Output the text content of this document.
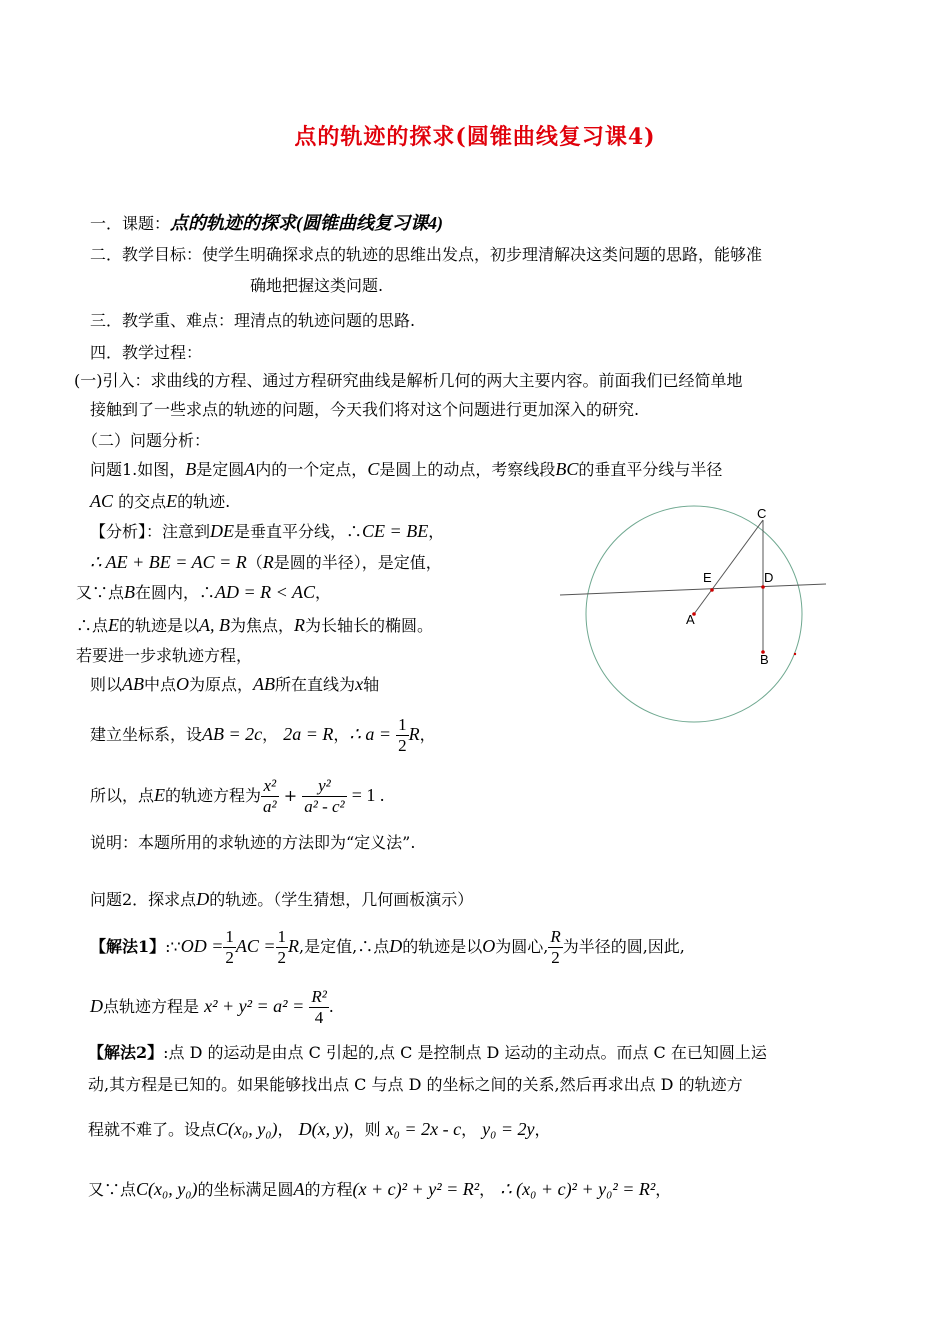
点的轨迹的探求(圆锥曲线复习课4)
一．课题：点的轨迹的探求(圆锥曲线复习课4)
二．教学目标：使学生明确探求点的轨迹的思维出发点，初步理清解决这类问题的思路，能够准
确地把握这类问题.
三．教学重、难点：理清点的轨迹问题的思路.
四．教学过程：
(一)引入：求曲线的方程、通过方程研究曲线是解析几何的两大主要内容。前面我们已经简单地
接触到了一些求点的轨迹的问题，今天我们将对这个问题进行更加深入的研究.
（二）问题分析：
问题1.如图，B是定圆A内的一个定点，C是圆上的动点，考察线段BC的垂直平分线与半径
AC 的交点E的轨迹.
【分析】：注意到DE是垂直平分线，∴CE = BE，
∴ AE + BE = AC = R（R是圆的半径），是定值，
又∵点B在圆内，∴AD = R < AC，
∴点E的轨迹是以A, B为焦点，R为长轴长的椭圆。
若要进一步求轨迹方程，
则以AB中点O为原点，AB所在直线为x轴
建立坐标系，设AB = 2c， 2a = R，∴ $a = \frac{1}{2}$ R，
所以，点E的轨迹方程为 $\frac{\text{x²}}{\text{a²}} + \frac{\text{y²}}{\text{a² - c²}} = 1$ .
说明：本题所用的求轨迹的方法即为“定义法”.
问题2．探求点D的轨迹。（学生猜想，几何画板演示）
【解法1】:∵OD = $\frac{1}{2}$ AC = $\frac{1}{2} R$,是定值,∴点D的轨迹是以O为圆心, $\frac{R}{2}$ 为半径的圆,因此,
D点轨迹方程是 $x^2 + y^2 = a^2 = \frac{\text{R²}}{4}$ .
【解法2】:点 D 的运动是由点 C 引起的,点 C 是控制点 D 运动的主动点。而点 C 在已知圆上运
动,其方程是已知的。如果能够找出点 C 与点 D 的坐标之间的关系,然后再求出点 D 的轨迹方
程就不难了。设点C(x₀, y₀)， D(x, y)，则 x₀ = 2x - c， y₀ = 2y，
又∵点C(x₀, y₀)的坐标满足圆A的方程(x + c)² + y² = R²， ∴ (x₀ + c)² + y₀² = R²，
C
E	D
A
B
